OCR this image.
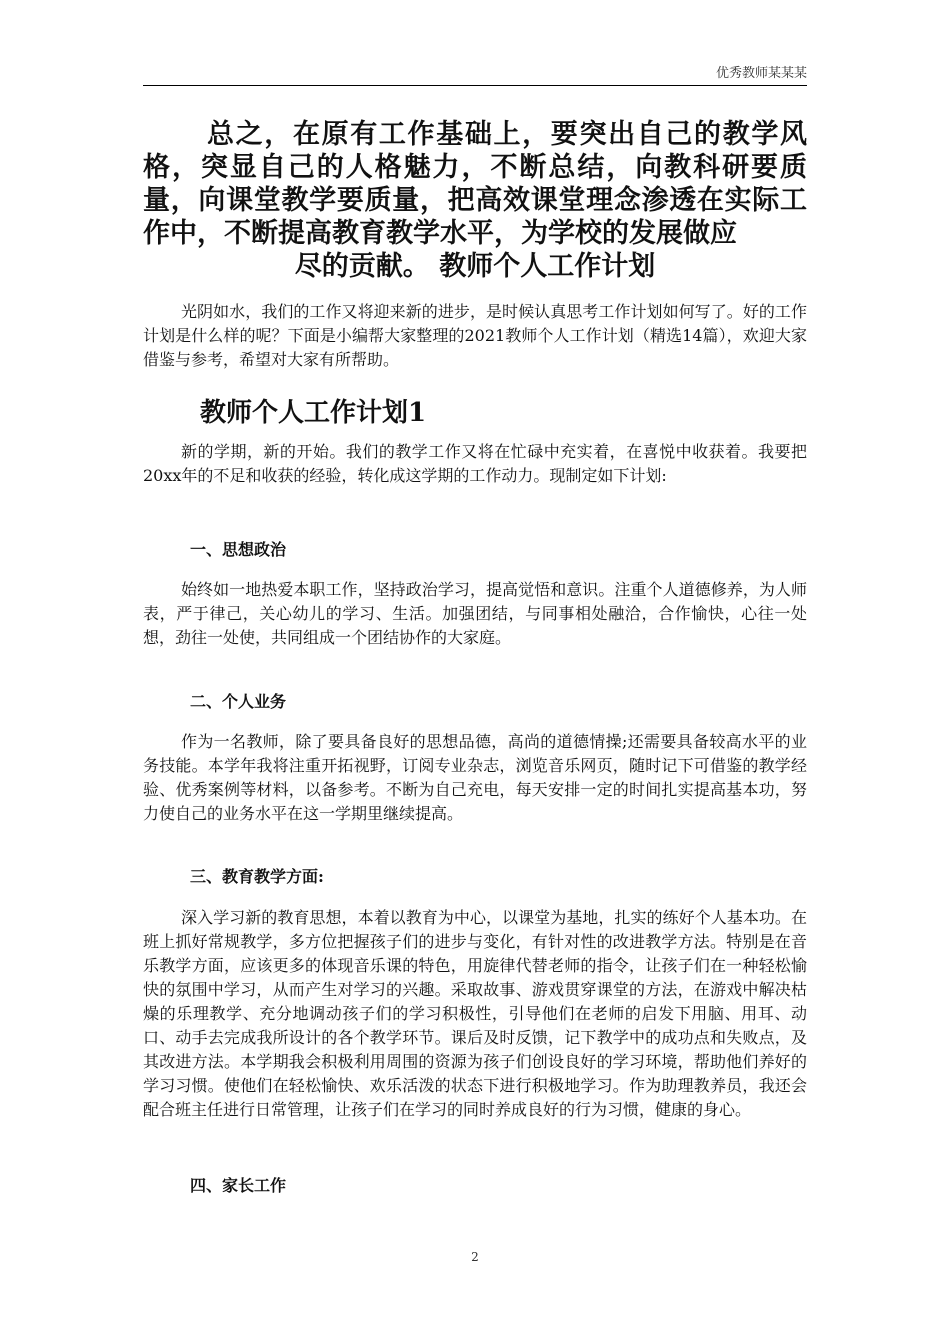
优秀教师某某某
总之，在原有工作基础上，要突出自己的教学风格，突显自己的人格魅力，不断总结，向教科研要质量，向课堂教学要质量，把高效课堂理念渗透在实际工作中，不断提高教育教学水平，为学校的发展做应
尽的贡献。 教师个人工作计划
光阴如水，我们的工作又将迎来新的进步，是时候认真思考工作计划如何写了。好的工作计划是什么样的呢？下面是小编帮大家整理的2021教师个人工作计划（精选14篇），欢迎大家借鉴与参考，希望对大家有所帮助。
教师个人工作计划1
新的学期，新的开始。我们的教学工作又将在忙碌中充实着，在喜悦中收获着。我要把20xx年的不足和收获的经验，转化成这学期的工作动力。现制定如下计划:
一、思想政治
始终如一地热爱本职工作，坚持政治学习，提高觉悟和意识。注重个人道德修养，为人师表，严于律己，关心幼儿的学习、生活。加强团结，与同事相处融洽，合作愉快，心往一处想，劲往一处使，共同组成一个团结协作的大家庭。
二、个人业务
作为一名教师，除了要具备良好的思想品德，高尚的道德情操;还需要具备较高水平的业务技能。本学年我将注重开拓视野，订阅专业杂志，浏览音乐网页，随时记下可借鉴的教学经验、优秀案例等材料，以备参考。不断为自己充电，每天安排一定的时间扎实提高基本功，努力使自己的业务水平在这一学期里继续提高。
三、教育教学方面:
深入学习新的教育思想，本着以教育为中心，以课堂为基地，扎实的练好个人基本功。在班上抓好常规教学，多方位把握孩子们的进步与变化，有针对性的改进教学方法。特别是在音乐教学方面，应该更多的体现音乐课的特色，用旋律代替老师的指令，让孩子们在一种轻松愉快的氛围中学习，从而产生对学习的兴趣。采取故事、游戏贯穿课堂的方法，在游戏中解决枯燥的乐理教学、充分地调动孩子们的学习积极性，引导他们在老师的启发下用脑、用耳、动口、动手去完成我所设计的各个教学环节。课后及时反馈，记下教学中的成功点和失败点，及其改进方法。本学期我会积极利用周围的资源为孩子们创设良好的学习环境，帮助他们养好的学习习惯。使他们在轻松愉快、欢乐活泼的状态下进行积极地学习。作为助理教养员，我还会配合班主任进行日常管理，让孩子们在学习的同时养成良好的行为习惯，健康的身心。
四、家长工作
2
